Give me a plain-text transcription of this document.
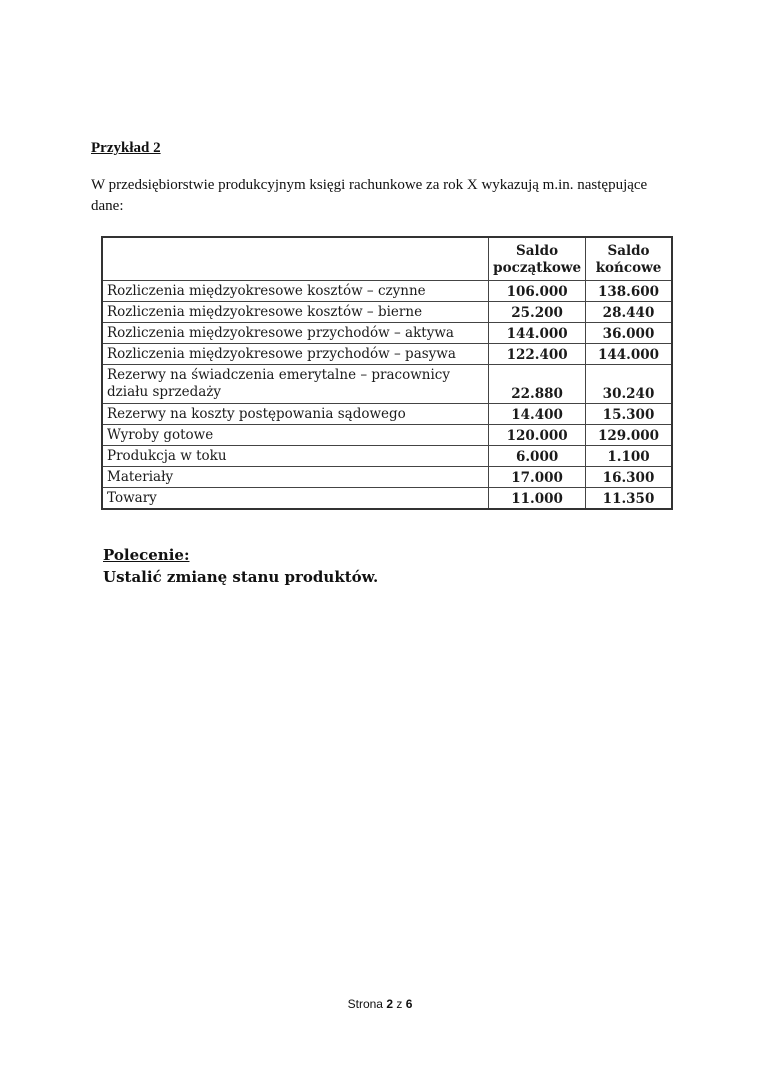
Przykład 2
W przedsiębiorstwie produkcyjnym księgi rachunkowe za rok X wykazują m.in. następujące dane:
	Saldo początkowe	Saldo końcowe
Rozliczenia międzyokresowe kosztów – czynne	106.000	138.600
Rozliczenia międzyokresowe kosztów – bierne	25.200	28.440
Rozliczenia międzyokresowe przychodów – aktywa	144.000	36.000
Rozliczenia międzyokresowe przychodów – pasywa	122.400	144.000
Rezerwy na świadczenia emerytalne – pracownicy działu sprzedaży	22.880	30.240
Rezerwy na koszty postępowania sądowego	14.400	15.300
Wyroby gotowe	120.000	129.000
Produkcja w toku	6.000	1.100
Materiały	17.000	16.300
Towary	11.000	11.350
Polecenie:
Ustalić zmianę stanu produktów.
Strona 2 z 6
